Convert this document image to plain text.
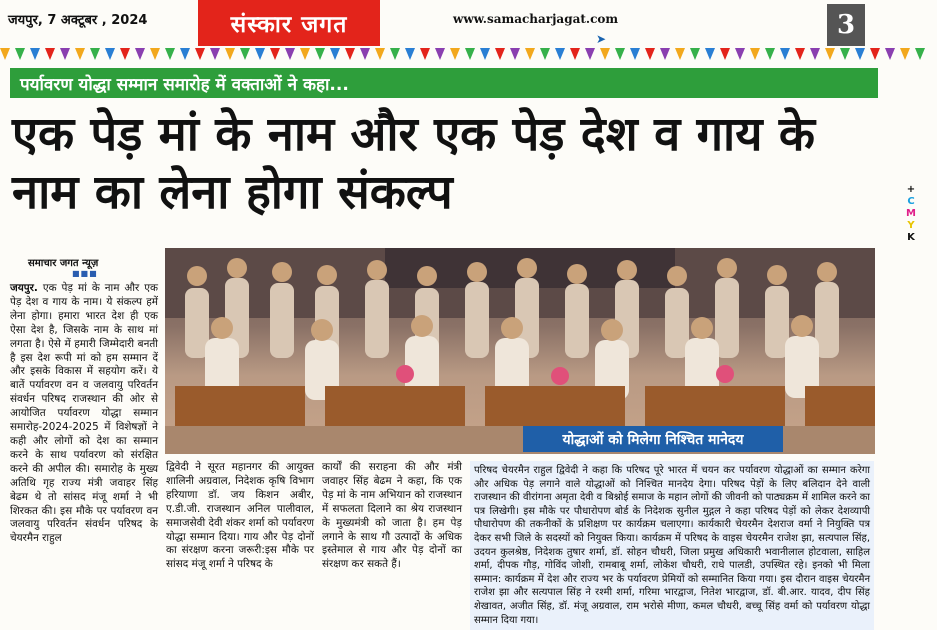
जयपुर, 7 अक्टूबर , 2024	संस्कार जगत	www.samacharjagat.com
➤	3
पर्यावरण योद्धा सम्मान समारोह में वक्ताओं ने कहा...
एक पेड़ मां के नाम और एक पेड़ देश व गाय के नाम का लेना होगा संकल्प	+
C
M
Y
K
समाचार जगत न्यूज़
■■■
जयपुर. एक पेड़ मां के नाम और एक पेड़ देश व गाय के नाम। ये संकल्प हमें लेना होगा। हमारा भारत देश ही एक ऐसा देश है, जिसके नाम के साथ मां लगता है। ऐसे में हमारी जिम्मेदारी बनती है इस देश रूपी मां को हम सम्मान दें और इसके विकास में सहयोग करें। ये बातें पर्यावरण वन व जलवायु परिवर्तन संवर्धन परिषद राजस्थान की ओर से आयोजित पर्यावरण योद्धा सम्मान समारोह-2024-2025 में विशेषज्ञों ने कही और लोगों को देश का सम्मान करने के साथ पर्यावरण को संरक्षित करने की अपील की। समारोह के मुख्य अतिथि गृह राज्य मंत्री जवाहर सिंह बेढम थे तो सांसद मंजू शर्मा ने भी शिरकत की। इस मौके पर पर्यावरण वन जलवायु परिवर्तन संवर्धन परिषद के चेयरमैन राहुल
योद्धाओं को मिलेगा निश्चित मानेदय
द्विवेदी ने सूरत महानगर की आयुक्त शालिनी अग्रवाल, निदेशक कृषि विभाग हरियाणा डॉ. जय किशन अबीर, ए.डी.जी. राजस्थान अनिल पालीवाल, समाजसेवी देवी शंकर शर्मा को पर्यावरण योद्धा सम्मान दिया। गाय और पेड़ दोनों का संरक्षण करना जरूरी:इस मौके पर सांसद मंजू शर्मा ने परिषद के
कार्यों की सराहना की और मंत्री जवाहर सिंह बेढम ने कहा, कि एक पेड़ मां के नाम अभियान को राजस्थान में सफलता दिलाने का श्रेय राजस्थान के मुख्यमंत्री को जाता है। हम पेड़ लगाने के साथ गौ उत्पादों के अधिक इस्तेमाल से गाय और पेड़ दोनों का संरक्षण कर सकते हैं।
परिषद चेयरमैन राहुल द्विवेदी ने कहा कि परिषद पूरे भारत में चयन कर पर्यावरण योद्धाओं का सम्मान करेगा और अधिक पेड़ लगाने वाले योद्धाओं को निश्चित मानदेय देगा। परिषद पेड़ों के लिए बलिदान देने वाली राजस्थान की वीरांगना अमृता देवी व बिश्नोई समाज के महान लोगों की जीवनी को पाठ्यक्रम में शामिल करने का पत्र लिखेगी। इस मौके पर पौधारोपण बोर्ड के निदेशक सुनील मुद्गल ने कहा परिषद पेड़ों को लेकर देशव्यापी पौधारोपण की तकनीकों के प्रशिक्षण पर कार्यक्रम चलाएगा। कार्यकारी चेयरमैन देशराज वर्मा ने नियुक्ति पत्र देकर सभी जिले के सदस्यों को नियुक्त किया। कार्यक्रम में परिषद के वाइस चेयरमैन राजेश झा, सत्यपाल सिंह, उदयन कुलश्रेष्ठ, निदेशक तुषार शर्मा, डॉ. सोहन चौधरी, जिला प्रमुख अधिकारी भवानीलाल होटवाला, साहिल शर्मा, दीपक गौड़, गोविंद जोशी, रामबाबू शर्मा, लोकेश चौधरी, राधे पालडी, उपस्थित रहे। इनको भी मिला सम्मान: कार्यक्रम में देश और राज्य भर के पर्यावरण प्रेमियों को सम्मानित किया गया। इस दौरान वाइस चेयरमैन राजेश झा और सत्यपाल सिंह ने रश्मी शर्मा, गरिमा भारद्वाज, नितेश भारद्वाज, डॉ. बी.आर. यादव, दीप सिंह शेखावत, अजीत सिंह, डॉ. मंजू अग्रवाल, राम भरोसे मीणा, कमल चौधरी, बच्चू सिंह वर्मा को पर्यावरण योद्धा सम्मान दिया गया।
